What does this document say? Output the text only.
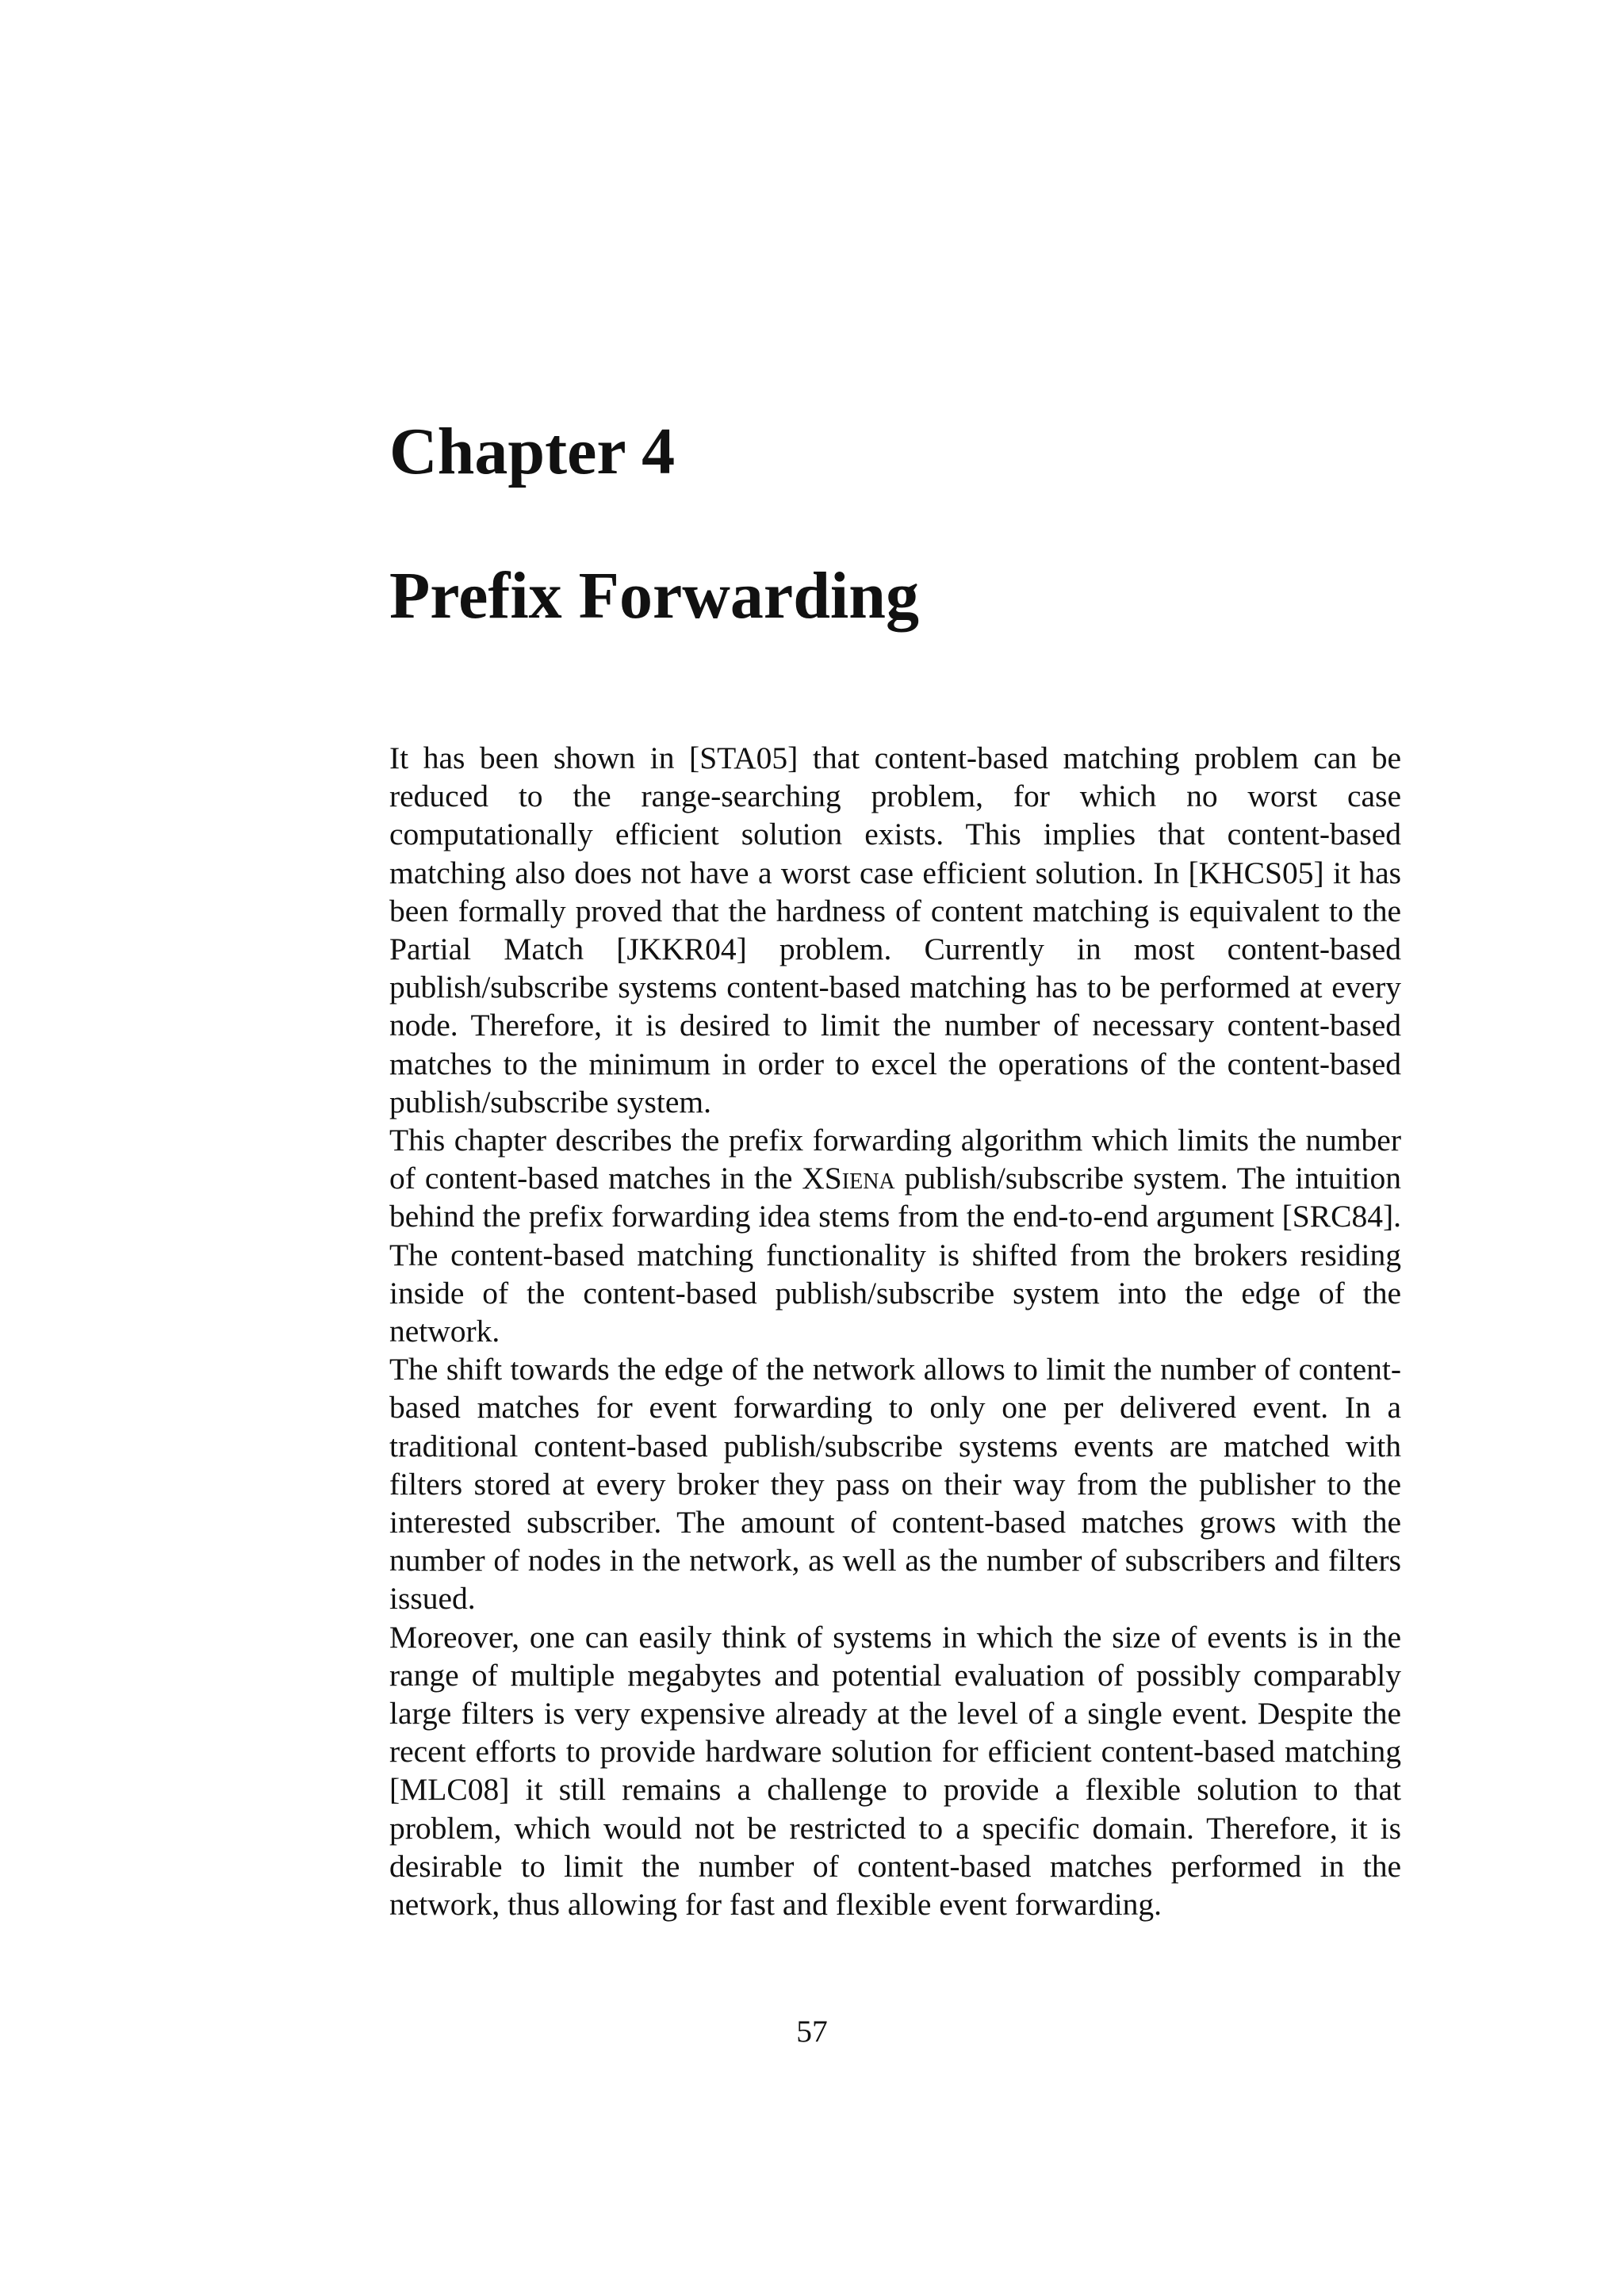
Chapter 4
Prefix Forwarding

It has been shown in [STA05] that content-based matching problem can be reduced to the range-searching problem, for which no worst case computationally efficient solution exists. This implies that content-based matching also does not have a worst case efficient solution. In [KHCS05] it has been formally proved that the hardness of content matching is equivalent to the Partial Match [JKKR04] problem. Currently in most content-based publish/subscribe systems content-based matching has to be performed at every node. Therefore, it is desired to limit the number of necessary content-based matches to the minimum in order to excel the operations of the content-based publish/subscribe system.

This chapter describes the prefix forwarding algorithm which limits the number of content-based matches in the XSiena publish/subscribe system. The intuition behind the prefix forwarding idea stems from the end-to-end argument [SRC84]. The content-based matching functionality is shifted from the brokers residing inside of the content-based publish/subscribe system into the edge of the network.

The shift towards the edge of the network allows to limit the number of content-based matches for event forwarding to only one per delivered event. In a traditional content-based publish/subscribe systems events are matched with filters stored at every broker they pass on their way from the publisher to the interested subscriber. The amount of content-based matches grows with the number of nodes in the network, as well as the number of subscribers and filters issued.

Moreover, one can easily think of systems in which the size of events is in the range of multiple megabytes and potential evaluation of possibly comparably large filters is very expensive already at the level of a single event. Despite the recent efforts to provide hardware solution for efficient content-based matching [MLC08] it still remains a challenge to provide a flexible solution to that problem, which would not be restricted to a specific domain. Therefore, it is desirable to limit the number of content-based matches performed in the network, thus allowing for fast and flexible event forwarding.

57
